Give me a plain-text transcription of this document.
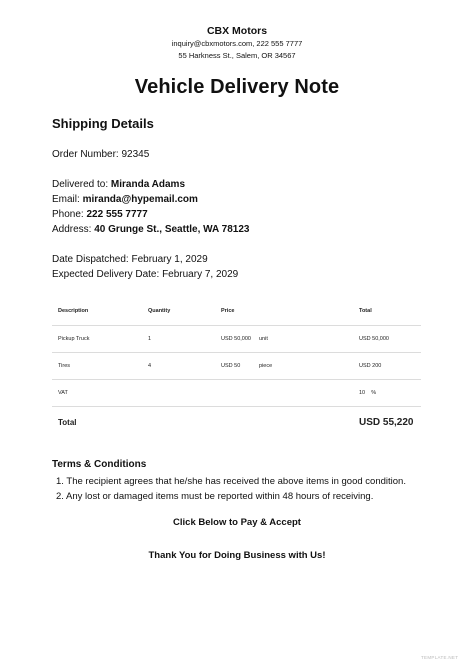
CBX Motors
inquiry@cbxmotors.com, 222 555 7777
55 Harkness St., Salem, OR 34567
Vehicle Delivery Note
Shipping Details
Order Number: 92345
Delivered to: Miranda Adams
Email: miranda@hypemail.com
Phone: 222 555 7777
Address: 40 Grunge St., Seattle, WA 78123
Date Dispatched: February 1, 2029
Expected Delivery Date: February 7, 2029
Description	Quantity	Price		Total
Pickup Truck	1	USD 50,000	unit	USD 50,000
Tires	4	USD 50	piece	USD 200
VAT				10 %
Total				USD 55,220
Terms & Conditions
1. The recipient agrees that he/she has received the above items in good condition.
2. Any lost or damaged items must be reported within 48 hours of receiving.
Click Below to Pay & Accept
Thank You for Doing Business with Us!
TEMPLATE.NET
